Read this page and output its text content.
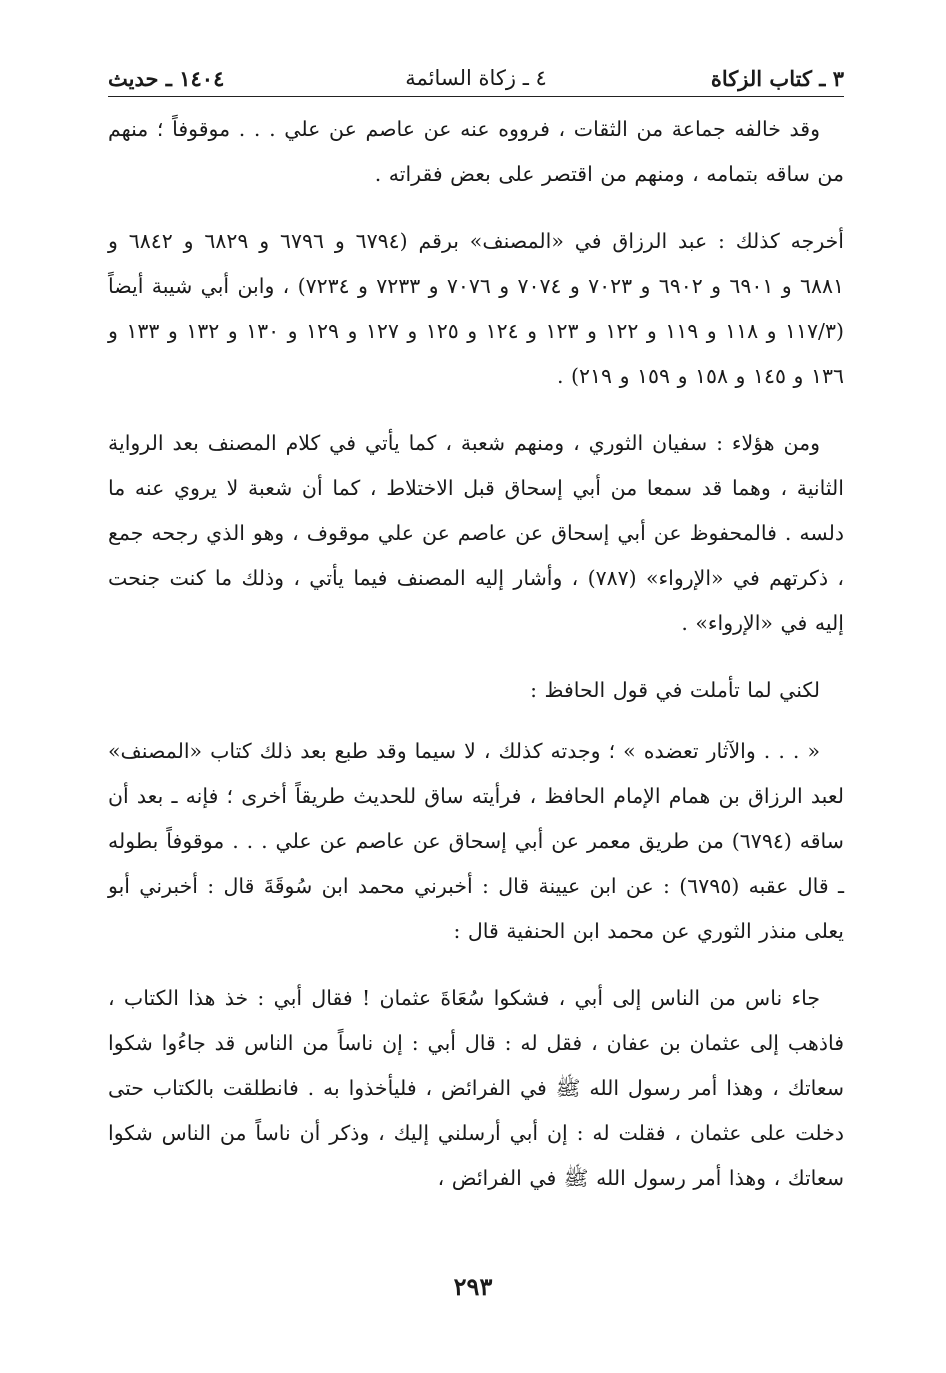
٣ ـ كتاب الزكاة
٤ ـ زكاة السائمة
١٤٠٤ ـ حديث

وقد خالفه جماعة من الثقات ، فرووه عنه عن عاصم عن علي . . . موقوفاً ؛ منهم من ساقه بتمامه ، ومنهم من اقتصر على بعض فقراته .

أخرجه كذلك : عبد الرزاق في «المصنف» برقم (٦٧٩٤ و ٦٧٩٦ و ٦٨٢٩ و ٦٨٤٢ و ٦٨٨١ و ٦٩٠١ و ٦٩٠٢ و ٧٠٢٣ و ٧٠٧٤ و ٧٠٧٦ و ٧٢٣٣ و ٧٢٣٤) ، وابن أبي شيبة أيضاً (١١٧/٣ و ١١٨ و ١١٩ و ١٢٢ و ١٢٣ و ١٢٤ و ١٢٥ و ١٢٧ و ١٢٩ و ١٣٠ و ١٣٢ و ١٣٣ و ١٣٦ و ١٤٥ و ١٥٨ و ١٥٩ و ٢١٩) .

ومن هؤلاء : سفيان الثوري ، ومنهم شعبة ، كما يأتي في كلام المصنف بعد الرواية الثانية ، وهما قد سمعا من أبي إسحاق قبل الاختلاط ، كما أن شعبة لا يروي عنه ما دلسه . فالمحفوظ عن أبي إسحاق عن عاصم عن علي موقوف ، وهو الذي رجحه جمع ، ذكرتهم في «الإرواء» (٧٨٧) ، وأشار إليه المصنف فيما يأتي ، وذلك ما كنت جنحت إليه في «الإرواء» .

لكني لما تأملت في قول الحافظ :

« . . . والآثار تعضده » ؛ وجدته كذلك ، لا سيما وقد طبع بعد ذلك كتاب «المصنف» لعبد الرزاق بن همام الإمام الحافظ ، فرأيته ساق للحديث طريقاً أخرى ؛ فإنه ـ بعد أن ساقه (٦٧٩٤) من طريق معمر عن أبي إسحاق عن عاصم عن علي . . . موقوفاً بطوله ـ قال عقبه (٦٧٩٥) : عن ابن عيينة قال : أخبرني محمد ابن سُوقَةَ قال : أخبرني أبو يعلى منذر الثوري عن محمد ابن الحنفية قال :

جاء ناس من الناس إلى أبي ، فشكوا سُعَاةَ عثمان ! فقال أبي : خذ هذا الكتاب ، فاذهب إلى عثمان بن عفان ، فقل له : قال أبي : إن ناساً من الناس قد جاءُوا شكوا سعاتك ، وهذا أمر رسول الله ﷺ في الفرائض ، فليأخذوا به . فانطلقت بالكتاب حتى دخلت على عثمان ، فقلت له : إن أبي أرسلني إليك ، وذكر أن ناساً من الناس شكوا سعاتك ، وهذا أمر رسول الله ﷺ في الفرائض ،

٢٩٣
